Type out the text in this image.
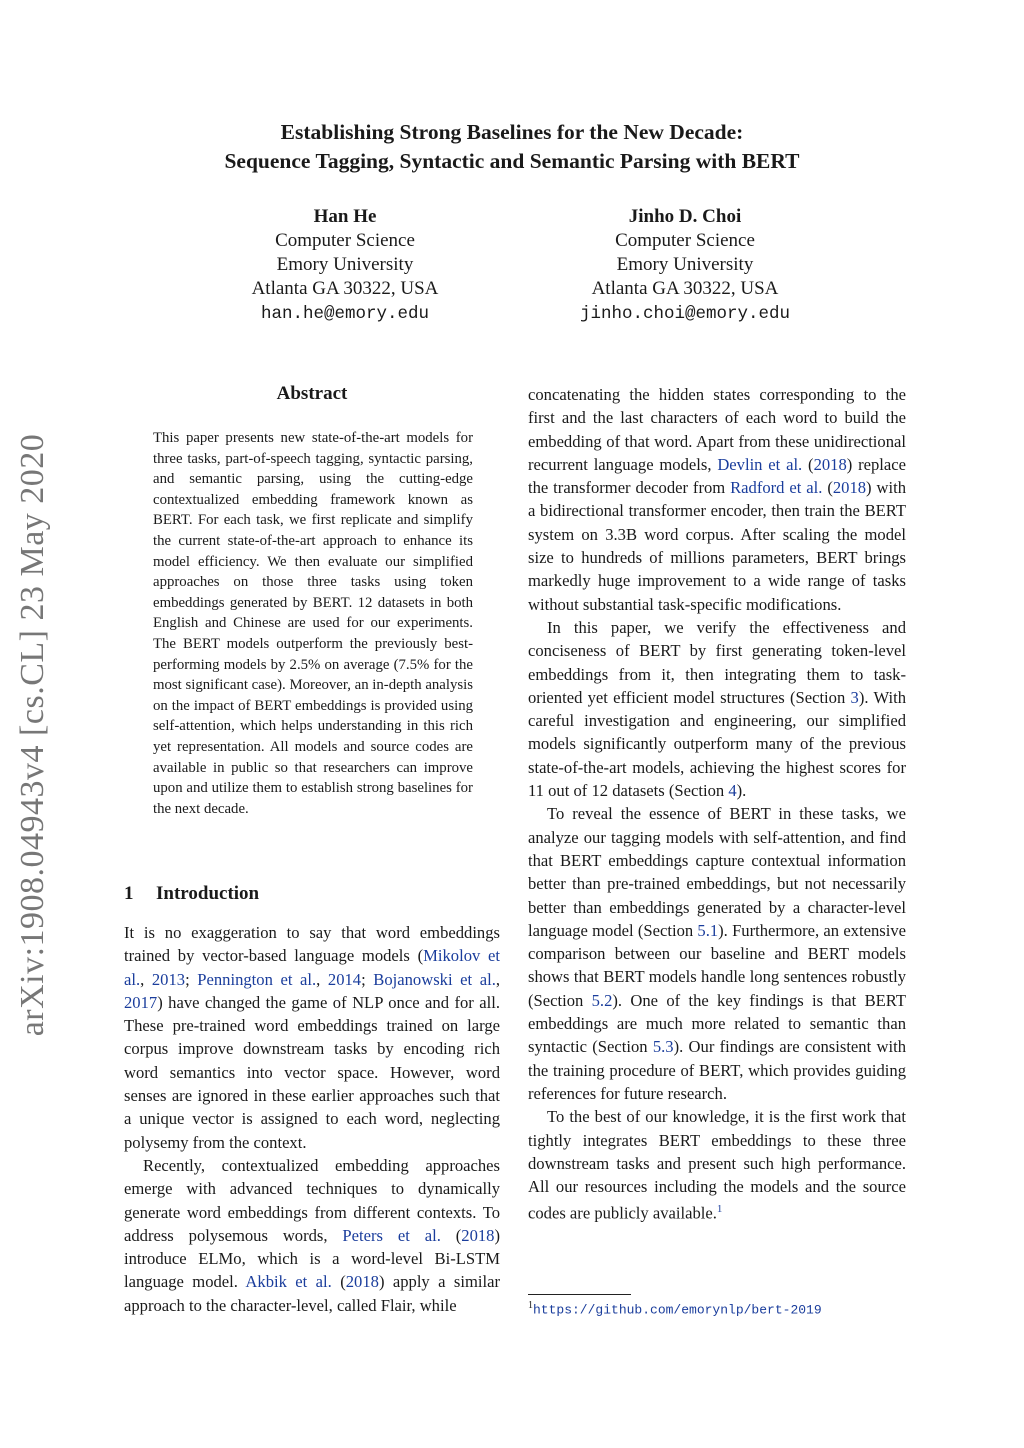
Establishing Strong Baselines for the New Decade:
Sequence Tagging, Syntactic and Semantic Parsing with BERT
Han He
Computer Science
Emory University
Atlanta GA 30322, USA
han.he@emory.edu
Jinho D. Choi
Computer Science
Emory University
Atlanta GA 30322, USA
jinho.choi@emory.edu
arXiv:1908.04943v4 [cs.CL] 23 May 2020
Abstract
This paper presents new state-of-the-art models for three tasks, part-of-speech tagging, syntactic parsing, and semantic parsing, using the cutting-edge contextualized embedding framework known as BERT. For each task, we first replicate and simplify the current state-of-the-art approach to enhance its model efficiency. We then evaluate our simplified approaches on those three tasks using token embeddings generated by BERT. 12 datasets in both English and Chinese are used for our experiments. The BERT models outperform the previously best-performing models by 2.5% on average (7.5% for the most significant case). Moreover, an in-depth analysis on the impact of BERT embeddings is provided using self-attention, which helps understanding in this rich yet representation. All models and source codes are available in public so that researchers can improve upon and utilize them to establish strong baselines for the next decade.
1 Introduction

It is no exaggeration to say that word embeddings trained by vector-based language models (Mikolov et al., 2013; Pennington et al., 2014; Bojanowski et al., 2017) have changed the game of NLP once and for all. These pre-trained word embeddings trained on large corpus improve downstream tasks by encoding rich word semantics into vector space. However, word senses are ignored in these earlier approaches such that a unique vector is assigned to each word, neglecting polysemy from the context.

Recently, contextualized embedding approaches emerge with advanced techniques to dynamically generate word embeddings from different contexts. To address polysemous words, Peters et al. (2018) introduce ELMo, which is a word-level Bi-LSTM language model. Akbik et al. (2018) apply a similar approach to the character-level, called Flair, while

concatenating the hidden states corresponding to the first and the last characters of each word to build the embedding of that word. Apart from these unidirectional recurrent language models, Devlin et al. (2018) replace the transformer decoder from Radford et al. (2018) with a bidirectional transformer encoder, then train the BERT system on 3.3B word corpus. After scaling the model size to hundreds of millions parameters, BERT brings markedly huge improvement to a wide range of tasks without substantial task-specific modifications.

In this paper, we verify the effectiveness and conciseness of BERT by first generating token-level embeddings from it, then integrating them to task-oriented yet efficient model structures (Section 3). With careful investigation and engineering, our simplified models significantly outperform many of the previous state-of-the-art models, achieving the highest scores for 11 out of 12 datasets (Section 4).

To reveal the essence of BERT in these tasks, we analyze our tagging models with self-attention, and find that BERT embeddings capture contextual information better than pre-trained embeddings, but not necessarily better than embeddings generated by a character-level language model (Section 5.1). Furthermore, an extensive comparison between our baseline and BERT models shows that BERT models handle long sentences robustly (Section 5.2). One of the key findings is that BERT embeddings are much more related to semantic than syntactic (Section 5.3). Our findings are consistent with the training procedure of BERT, which provides guiding references for future research.

To the best of our knowledge, it is the first work that tightly integrates BERT embeddings to these three downstream tasks and present such high performance. All our resources including the models and the source codes are publicly available.$^1$

$^1$https://github.com/emorynlp/bert-2019
